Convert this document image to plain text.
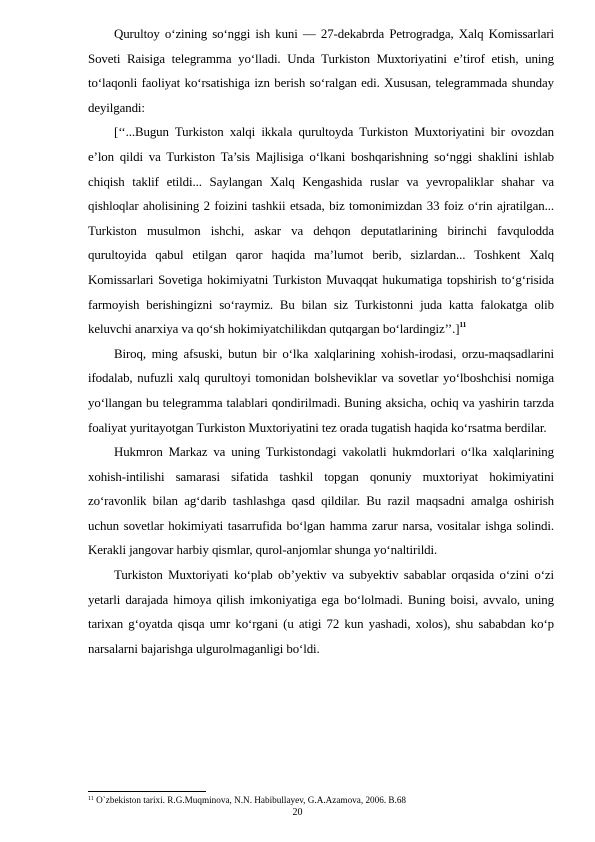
Qurultoy o‘zining so‘nggi ish kuni — 27-dekabrda Petrogradga, Xalq Komissarlari Soveti Raisiga telegramma yo‘lladi. Unda Turkiston Muxtoriyatini e’tirof etish, uning to‘laqonli faoliyat ko‘rsatishiga izn berish so‘ralgan edi. Xususan, telegrammada shunday deyilgandi:

[‘‘...Bugun Turkiston xalqi ikkala qurultoyda Turkiston Muxtoriyatini bir ovozdan e’lon qildi va Turkiston Ta’sis Majlisiga o‘lkani boshqarishning so‘nggi shaklini ishlab chiqish taklif etildi... Saylangan Xalq Kengashida ruslar va yevropaliklar shahar va qishloqlar aholisining 2 foizini tashkii etsada, biz tomonimizdan 33 foiz o‘rin ajratilgan... Turkiston musulmon ishchi, askar va dehqon deputatlarining birinchi favqulodda qurultoyida qabul etilgan qaror haqida ma’lumot berib, sizlardan... Toshkent Xalq Komissarlari Sovetiga hokimiyatni Turkiston Muvaqqat hukumatiga topshirish to‘g‘risida farmoyish berishingizni so‘raymiz. Bu bilan siz Turkistonni juda katta falokatga olib keluvchi anarxiya va qo‘sh hokimiyatchilikdan qutqargan bo‘lardingiz’’.]$^{11}$

Biroq, ming afsuski, butun bir o‘lka xalqlarining xohish-irodasi, orzu-maqsadlarini ifodalab, nufuzli xalq qurultoyi tomonidan bolsheviklar va sovetlar yo‘lboshchisi nomiga yo‘llangan bu telegramma talablari qondirilmadi. Buning aksicha, ochiq va yashirin tarzda foaliyat yuritayotgan Turkiston Muxtoriyatini tez orada tugatish haqida ko‘rsatma berdilar.

Hukmron Markaz va uning Turkistondagi vakolatli hukmdorlari o‘lka xalqlarining xohish-intilishi samarasi sifatida tashkil topgan qonuniy muxtoriyat hokimiyatini zo‘ravonlik bilan ag‘darib tashlashga qasd qildilar. Bu razil maqsadni amalga oshirish uchun sovetlar hokimiyati tasarrufida bo‘lgan hamma zarur narsa, vositalar ishga solindi. Kerakli jangovar harbiy qismlar, qurol-anjomlar shunga yo‘naltirildi.

Turkiston Muxtoriyati ko‘plab ob’yektiv va subyektiv sabablar orqasida o‘zini o‘zi yetarli darajada himoya qilish imkoniyatiga ega bo‘lolmadi. Buning boisi, avvalo, uning tarixan g‘oyatda qisqa umr ko‘rgani (u atigi 72 kun yashadi, xolos), shu sababdan ko‘p narsalarni bajarishga ulgurolmaganligi bo‘ldi.

$^{11}$ O`zbekiston tarixi. R.G.Muqminova, N.N. Habibullayev, G.A.Azamova, 2006. B.68

20
